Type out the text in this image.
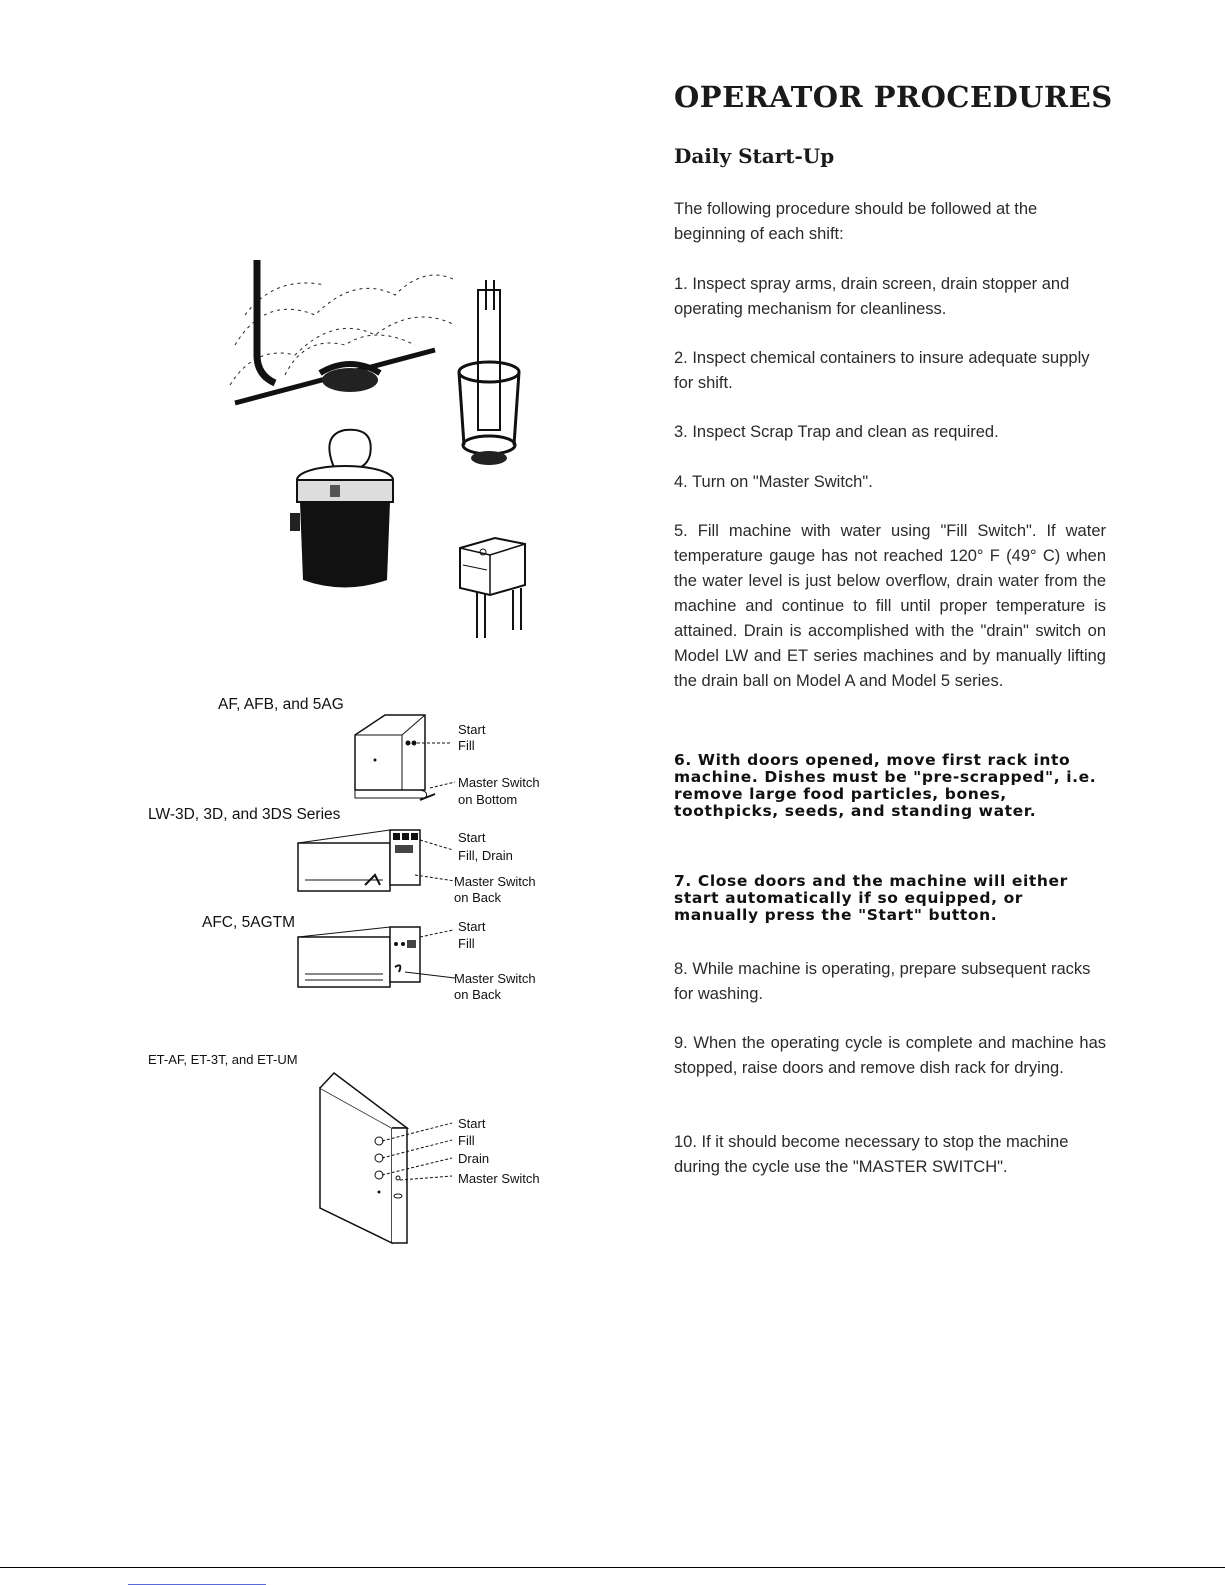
OPERATOR PROCEDURES
Daily Start-Up

The following procedure should be followed at the beginning of each shift:

1. Inspect spray arms, drain screen, drain stopper and operating mechanism for cleanliness.

2. Inspect chemical containers to insure adequate supply for shift.

3. Inspect Scrap Trap and clean as required.

4. Turn on "Master Switch".

5. Fill machine with water using "Fill Switch". If water temperature gauge has not reached 120° F (49° C) when the water level is just below overflow, drain water from the machine and continue to fill until proper temperature is attained. Drain is accomplished with the "drain" switch on Model LW and ET series machines and by manually lifting the drain ball on Model A and Model 5 series.

6. With doors opened, move first rack into machine. Dishes must be "pre-scrapped", i.e. remove large food particles, bones, toothpicks, seeds, and standing water.

7. Close doors and the machine will either start automatically if so equipped, or manually press the "Start" button.

8. While machine is operating, prepare subsequent racks for washing.

9. When the operating cycle is complete and machine has stopped, raise doors and remove dish rack for drying.

10. If it should become necessary to stop the machine during the cycle use the "MASTER SWITCH".

AF, AFB, and 5AG
Start
Fill
Master Switch
on Bottom
LW-3D, 3D, and 3DS Series
Start
Fill, Drain
Master Switch
on Back
AFC, 5AGTM	Start
Fill
Master Switch
on Back
ET-AF, ET-3T, and ET-UM
Start
Fill
Drain
Master Switch
